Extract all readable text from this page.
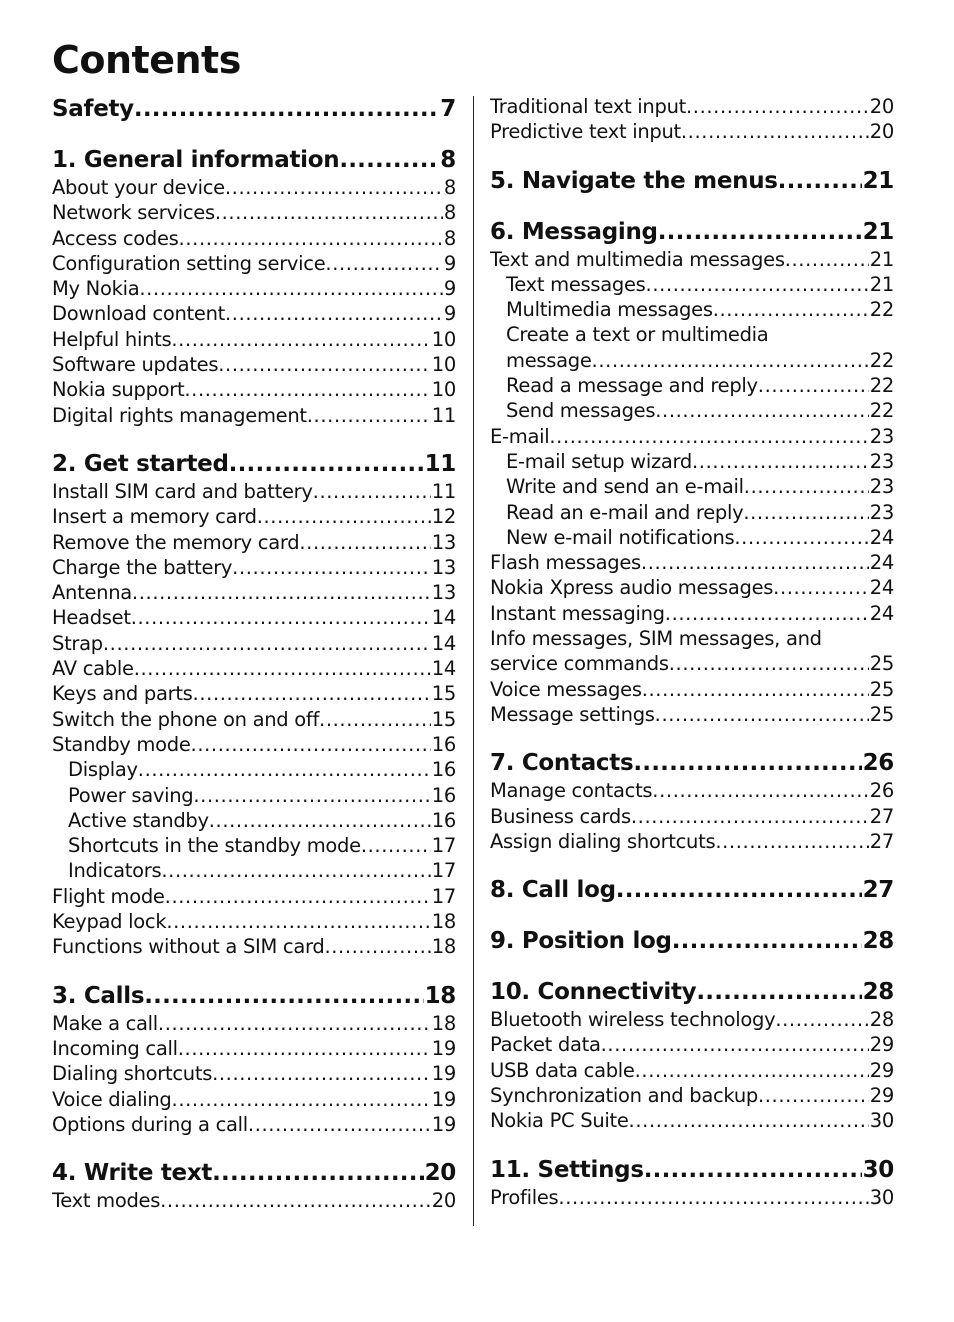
Contents
Safety .....	7
1. General information .....	8
About your device .....	8
Network services .....	8
Access codes .....	8
Configuration setting service .....	9
My Nokia .....	9
Download content .....	9
Helpful hints .....	10
Software updates .....	10
Nokia support .....	10
Digital rights management .....	11
2. Get started .....	11
Install SIM card and battery .....	11
Insert a memory card .....	12
Remove the memory card .....	13
Charge the battery .....	13
Antenna .....	13
Headset .....	14
Strap .....	14
AV cable .....	14
Keys and parts .....	15
Switch the phone on and off .....	15
Standby mode .....	16
Display .....	16
Power saving .....	16
Active standby .....	16
Shortcuts in the standby mode .....	17
Indicators .....	17
Flight mode .....	17
Keypad lock .....	18
Functions without a SIM card .....	18
3. Calls .....	18
Make a call .....	18
Incoming call .....	19
Dialing shortcuts .....	19
Voice dialing .....	19
Options during a call .....	19
4. Write text .....	20
Text modes .....	20
Traditional text input .....	20
Predictive text input .....	20
5. Navigate the menus .....	21
6. Messaging .....	21
Text and multimedia messages .....	21
Text messages .....	21
Multimedia messages .....	22
Create a text or multimedia
message .....	22
Read a message and reply .....	22
Send messages .....	22
E-mail .....	23
E-mail setup wizard .....	23
Write and send an e-mail .....	23
Read an e-mail and reply .....	23
New e-mail notifications .....	24
Flash messages .....	24
Nokia Xpress audio messages .....	24
Instant messaging .....	24
Info messages, SIM messages, and
service commands .....	25
Voice messages .....	25
Message settings .....	25
7. Contacts .....	26
Manage contacts .....	26
Business cards .....	27
Assign dialing shortcuts .....	27
8. Call log .....	27
9. Position log .....	28
10. Connectivity .....	28
Bluetooth wireless technology .....	28
Packet data .....	29
USB data cable .....	29
Synchronization and backup .....	29
Nokia PC Suite .....	30
11. Settings .....	30
Profiles .....	30
